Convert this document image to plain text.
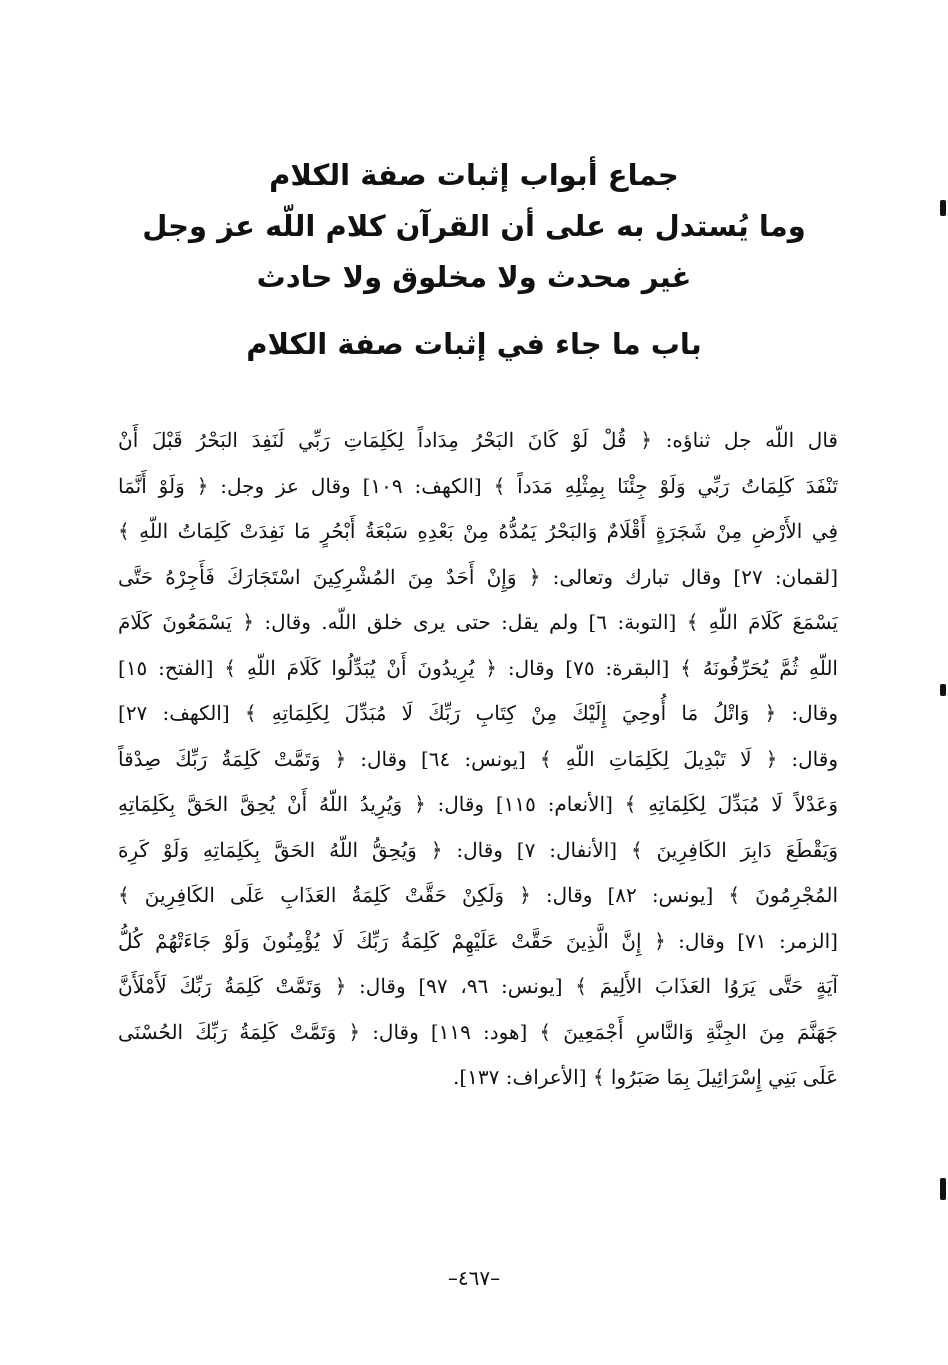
جماع أبواب إثبات صفة الكلام
وما يُستدل به على أن القرآن كلام اللّه عز وجل
غير محدث ولا مخلوق ولا حادث
باب ما جاء في إثبات صفة الكلام
قال اللّه جل ثناؤه: ﴿ قُلْ لَوْ كَانَ البَحْرُ مِدَاداً لِكَلِمَاتِ رَبِّي لَنَفِدَ البَحْرُ قَبْلَ أَنْ
تَنْفَدَ كَلِمَاتُ رَبِّي وَلَوْ جِئْنَا بِمِثْلِهِ مَدَداً ﴾ [الكهف: ١٠٩] وقال عز وجل: ﴿ وَلَوْ أَنَّمَا
فِي الأَرْضِ مِنْ شَجَرَةٍ أَقْلَامٌ وَالبَحْرُ يَمُدُّهُ مِنْ بَعْدِهِ سَبْعَةُ أَبْحُرٍ مَا نَفِدَتْ كَلِمَاتُ اللّهِ ﴾
[لقمان: ٢٧] وقال تبارك وتعالى: ﴿ وَإِنْ أَحَدٌ مِنَ المُشْرِكِينَ اسْتَجَارَكَ فَأَجِرْهُ حَتَّى
يَسْمَعَ كَلَامَ اللّهِ ﴾ [التوبة: ٦] ولم يقل: حتى يرى خلق اللّه. وقال: ﴿ يَسْمَعُونَ كَلَامَ
اللّهِ ثُمَّ يُحَرِّفُونَهُ ﴾ [البقرة: ٧٥] وقال: ﴿ يُرِيدُونَ أَنْ يُبَدِّلُوا كَلَامَ اللّهِ ﴾ [الفتح: ١٥]
وقال: ﴿ وَاتْلُ مَا أُوحِيَ إِلَيْكَ مِنْ كِتَابِ رَبِّكَ لَا مُبَدِّلَ لِكَلِمَاتِهِ ﴾ [الكهف: ٢٧]
وقال: ﴿ لَا تَبْدِيلَ لِكَلِمَاتِ اللّهِ ﴾ [يونس: ٦٤] وقال: ﴿ وَتَمَّتْ كَلِمَةُ رَبِّكَ صِدْقاً
وَعَدْلاً لَا مُبَدِّلَ لِكَلِمَاتِهِ ﴾ [الأنعام: ١١٥] وقال: ﴿ وَيُرِيدُ اللّهُ أَنْ يُحِقَّ الحَقَّ بِكَلِمَاتِهِ
وَيَقْطَعَ دَابِرَ الكَافِرِينَ ﴾ [الأنفال: ٧] وقال: ﴿ وَيُحِقُّ اللّهُ الحَقَّ بِكَلِمَاتِهِ وَلَوْ كَرِهَ
المُجْرِمُونَ ﴾ [يونس: ٨٢] وقال: ﴿ وَلَكِنْ حَقَّتْ كَلِمَةُ العَذَابِ عَلَى الكَافِرِينَ ﴾
[الزمر: ٧١] وقال: ﴿ إِنَّ الَّذِينَ حَقَّتْ عَلَيْهِمْ كَلِمَةُ رَبِّكَ لَا يُؤْمِنُونَ وَلَوْ جَاءَتْهُمْ كُلُّ
آيَةٍ حَتَّى يَرَوُا العَذَابَ الأَلِيمَ ﴾ [يونس: ٩٦، ٩٧] وقال: ﴿ وَتَمَّتْ كَلِمَةُ رَبِّكَ لَأَمْلَأَنَّ
جَهَنَّمَ مِنَ الجِنَّةِ وَالنَّاسِ أَجْمَعِينَ ﴾ [هود: ١١٩] وقال: ﴿ وَتَمَّتْ كَلِمَةُ رَبِّكَ الحُسْنَى
عَلَى بَنِي إِسْرَائِيلَ بِمَا صَبَرُوا ﴾ [الأعراف: ١٣٧].
–٤٦٧–
